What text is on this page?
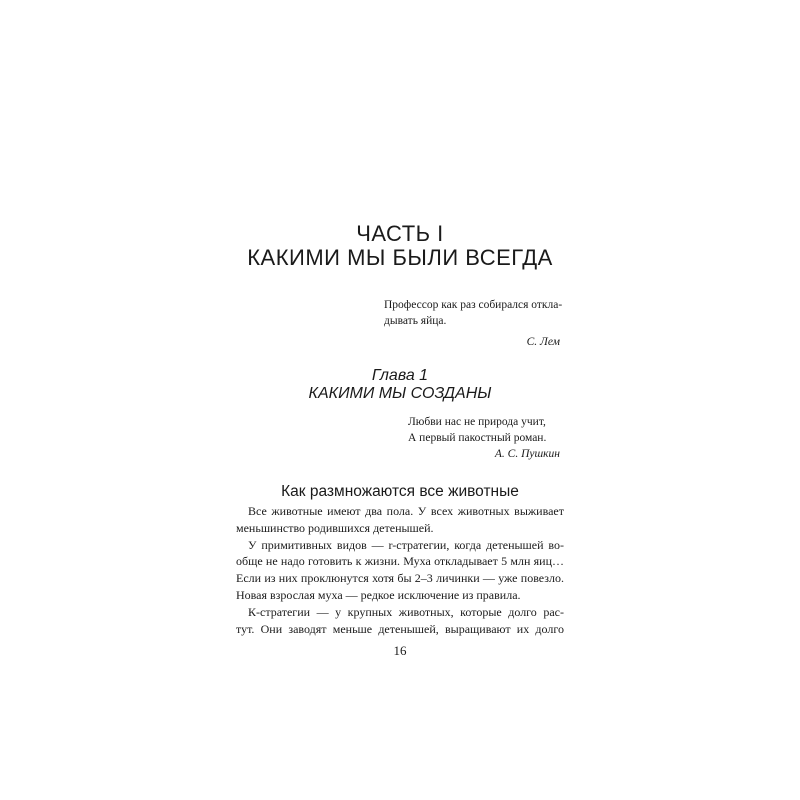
ЧАСТЬ I
КАКИМИ МЫ БЫЛИ ВСЕГДА
Профессор как раз собирался откла-
дывать яйца.
С. Лем
Глава 1
КАКИМИ МЫ СОЗДАНЫ
Любви нас не природа учит,
А первый пакостный роман.
А. С. Пушкин
Как размножаются все животные
Все животные имеют два пола. У всех животных выживает
меньшинство родившихся детенышей.
У примитивных видов — r-стратегии, когда детенышей во-
обще не надо готовить к жизни. Муха откладывает 5 млн яиц…
Если из них проклюнутся хотя бы 2–3 личинки — уже повезло.
Новая взрослая муха — редкое исключение из правила.
К-стратегии — у крупных животных, которые долго рас-
тут. Они заводят меньше детенышей, выращивают их долго
16
